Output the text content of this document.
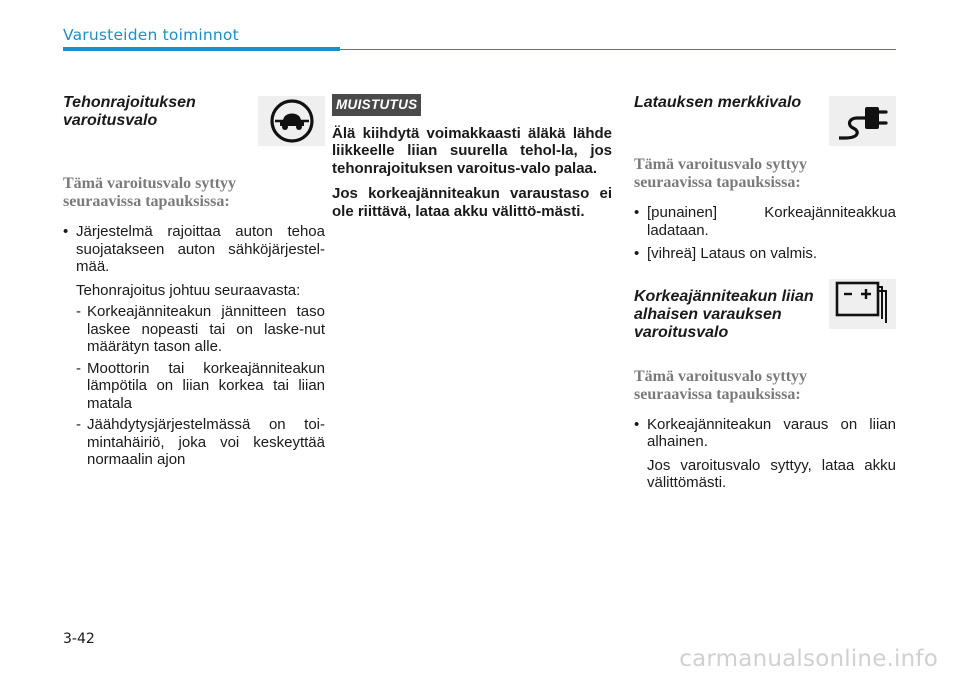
Varusteiden toiminnot
Tehonrajoituksen
varoitusvalo
Tämä varoitusvalo syttyy
seuraavissa tapauksissa:
• Järjestelmä rajoittaa auton tehoa suojatakseen auton sähköjärjestel-mää.
Tehonrajoitus johtuu seuraavasta:
- Korkeajänniteakun jännitteen taso laskee nopeasti tai on laske-nut määrätyn tason alle.
- Moottorin tai korkeajänniteakun lämpötila on liian korkea tai liian matala
- Jäähdytysjärjestelmässä on toi-mintahäiriö, joka voi keskeyttää normaalin ajon
MUISTUTUS
Älä kiihdytä voimakkaasti äläkä lähde liikkeelle liian suurella tehol-la, jos tehonrajoituksen varoitus-valo palaa.
Jos korkeajänniteakun varaustaso ei ole riittävä, lataa akku välittö-mästi.
Latauksen merkkivalo
Tämä varoitusvalo syttyy
seuraavissa tapauksissa:
• [punainen] Korkeajänniteakkua ladataan.
• [vihreä] Lataus on valmis.
Korkeajänniteakun liian
alhaisen varauksen
varoitusvalo
Tämä varoitusvalo syttyy
seuraavissa tapauksissa:
• Korkeajänniteakun varaus on liian alhainen.
Jos varoitusvalo syttyy, lataa akku välittömästi.
3-42
carmanualsonline.info
